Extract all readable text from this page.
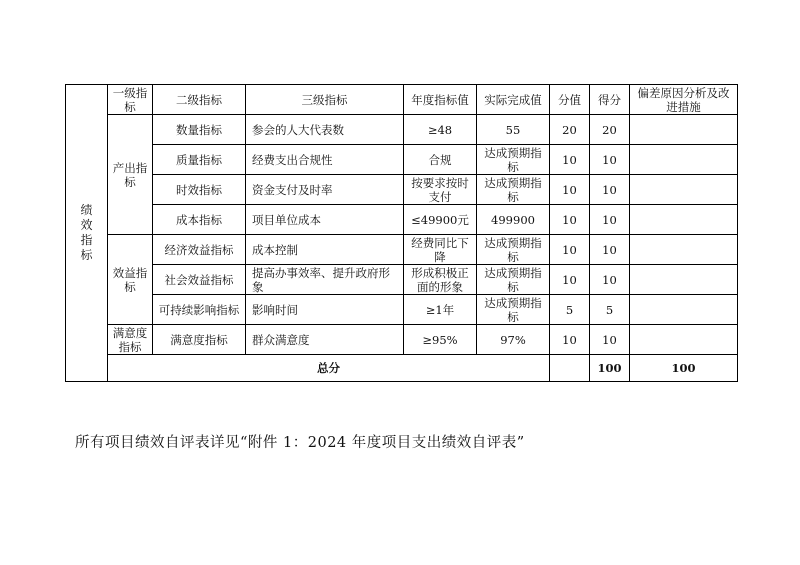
绩效指标	一级指标	二级指标	三级指标	年度指标值	实际完成值	分值	得分	偏差原因分析及改进措施	
	产出指标	数量指标	参会的人大代表数	≥48	55	20	20		
		质量指标	经费支出合规性	合规	达成预期指标	10	10		
		时效指标	资金支付及时率	按要求按时支付	达成预期指标	10	10		
		成本指标	项目单位成本	≤49900元	499900	10	10		
	效益指标	经济效益指标	成本控制	经费同比下降	达成预期指标	10	10		
		社会效益指标	提高办事效率、提升政府形象	形成积极正面的形象	达成预期指标	10	10		
		可持续影响指标	影响时间	≥1年	达成预期指标	5	5		
	满意度指标	满意度指标	群众满意度	≥95%	97%	10	10		
	总分						100	100	
所有项目绩效自评表详见“附件 1：2024 年度项目支出绩效自评表”
